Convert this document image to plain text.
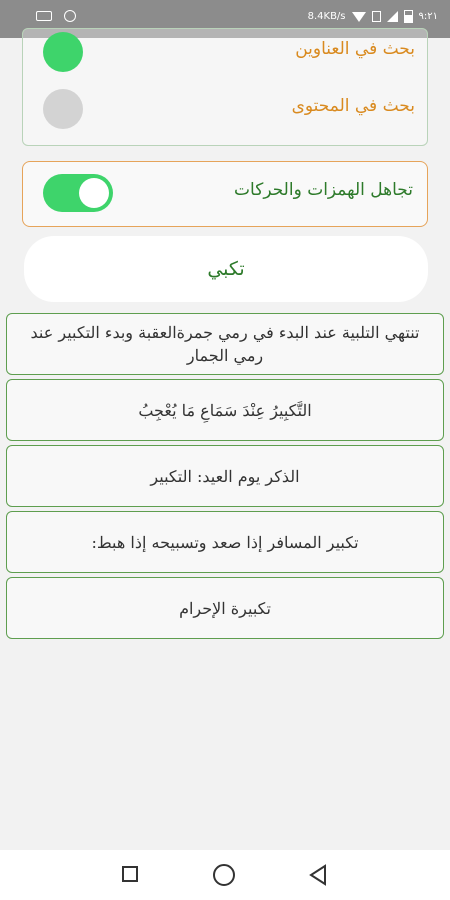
8.4KB/s	٩:٢١
بحث في العناوين
بحث في المحتوى
تجاهل الهمزات والحركات
تكبي
تنتهي التلبية عند البدء في رمي جمرةالعقبة وبدء التكبير عند رمي الجمار
التَّكبِيرُ عِنْدَ سَمَاعِ مَا يُعْجِبُ
الذكر يوم العيد: التكبير
تكبير المسافر إذا صعد وتسبيحه إذا هبط:
تكبيرة الإحرام
